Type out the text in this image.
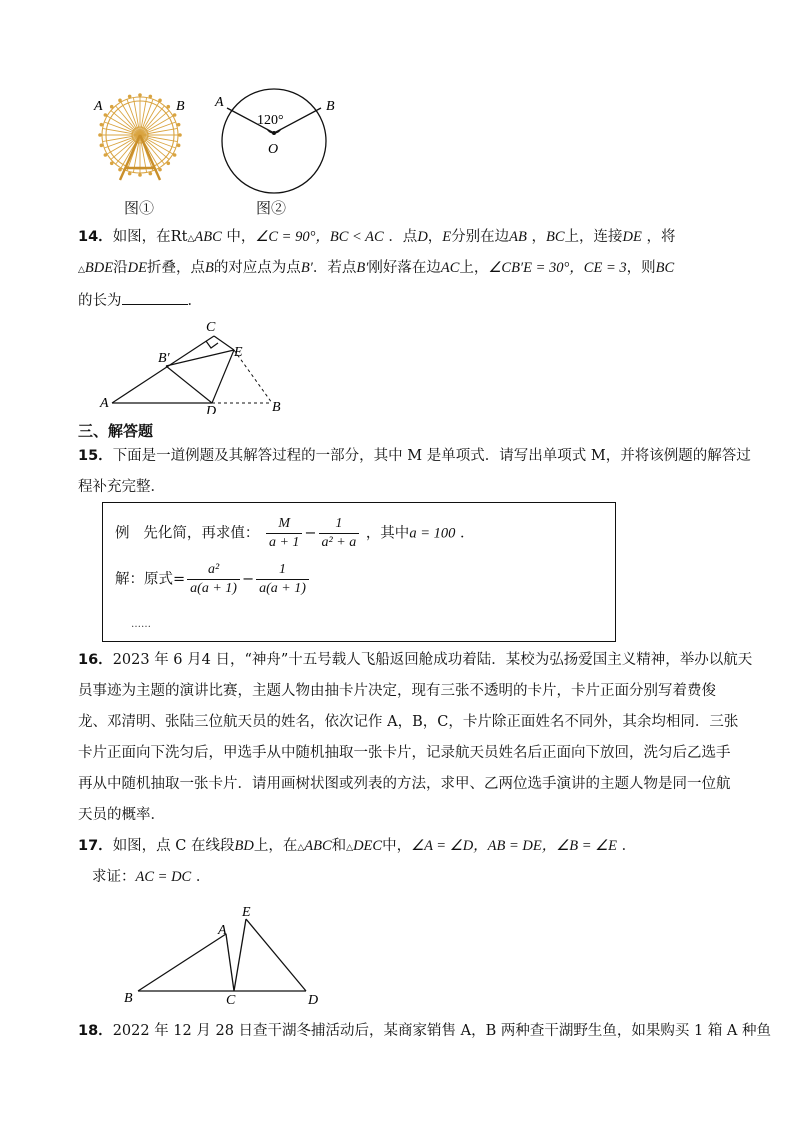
A	B
图①
A	B
O
120°
图②
14．如图，在Rt△ABC 中，∠C = 90°，BC < AC ．点D，E分别在边AB ，BC上，连接DE ，将
△BDE沿DE折叠，点B的对应点为点B′．若点B′刚好落在边AC上，∠CB′E = 30°，CE = 3，则BC
的长为	．
A	B
C
D
E
B′
三、解答题
15．下面是一道例题及其解答过程的一部分，其中 M 是单项式．请写出单项式 M，并将该例题的解答过
程补充完整．
例 先化简，再求值： $\frac{M}{a + 1} - \frac{1}{\text{a² + a}}$ ，其中a = 100 ．
解：原式= $\frac{\text{a²}}{a(a + 1)} - \frac{1}{a(a + 1)}$
……
16．2023 年 6 月4 日，“神舟”十五号载人飞船返回舱成功着陆．某校为弘扬爱国主义精神，举办以航天
员事迹为主题的演讲比赛，主题人物由抽卡片决定，现有三张不透明的卡片，卡片正面分别写着费俊
龙、邓清明、张陆三位航天员的姓名，依次记作 A，B，C，卡片除正面姓名不同外，其余均相同．三张
卡片正面向下洗匀后，甲选手从中随机抽取一张卡片，记录航天员姓名后正面向下放回，洗匀后乙选手
再从中随机抽取一张卡片．请用画树状图或列表的方法，求甲、乙两位选手演讲的主题人物是同一位航
天员的概率．
17．如图，点 C 在线段BD上，在△ABC和△DEC中，∠A = ∠D，AB = DE，∠B = ∠E ．
求证：AC = DC ．
B
A
C
E
D
18．2022 年 12 月 28 日查干湖冬捕活动后，某商家销售 A，B 两种查干湖野生鱼，如果购买 1 箱 A 种鱼
